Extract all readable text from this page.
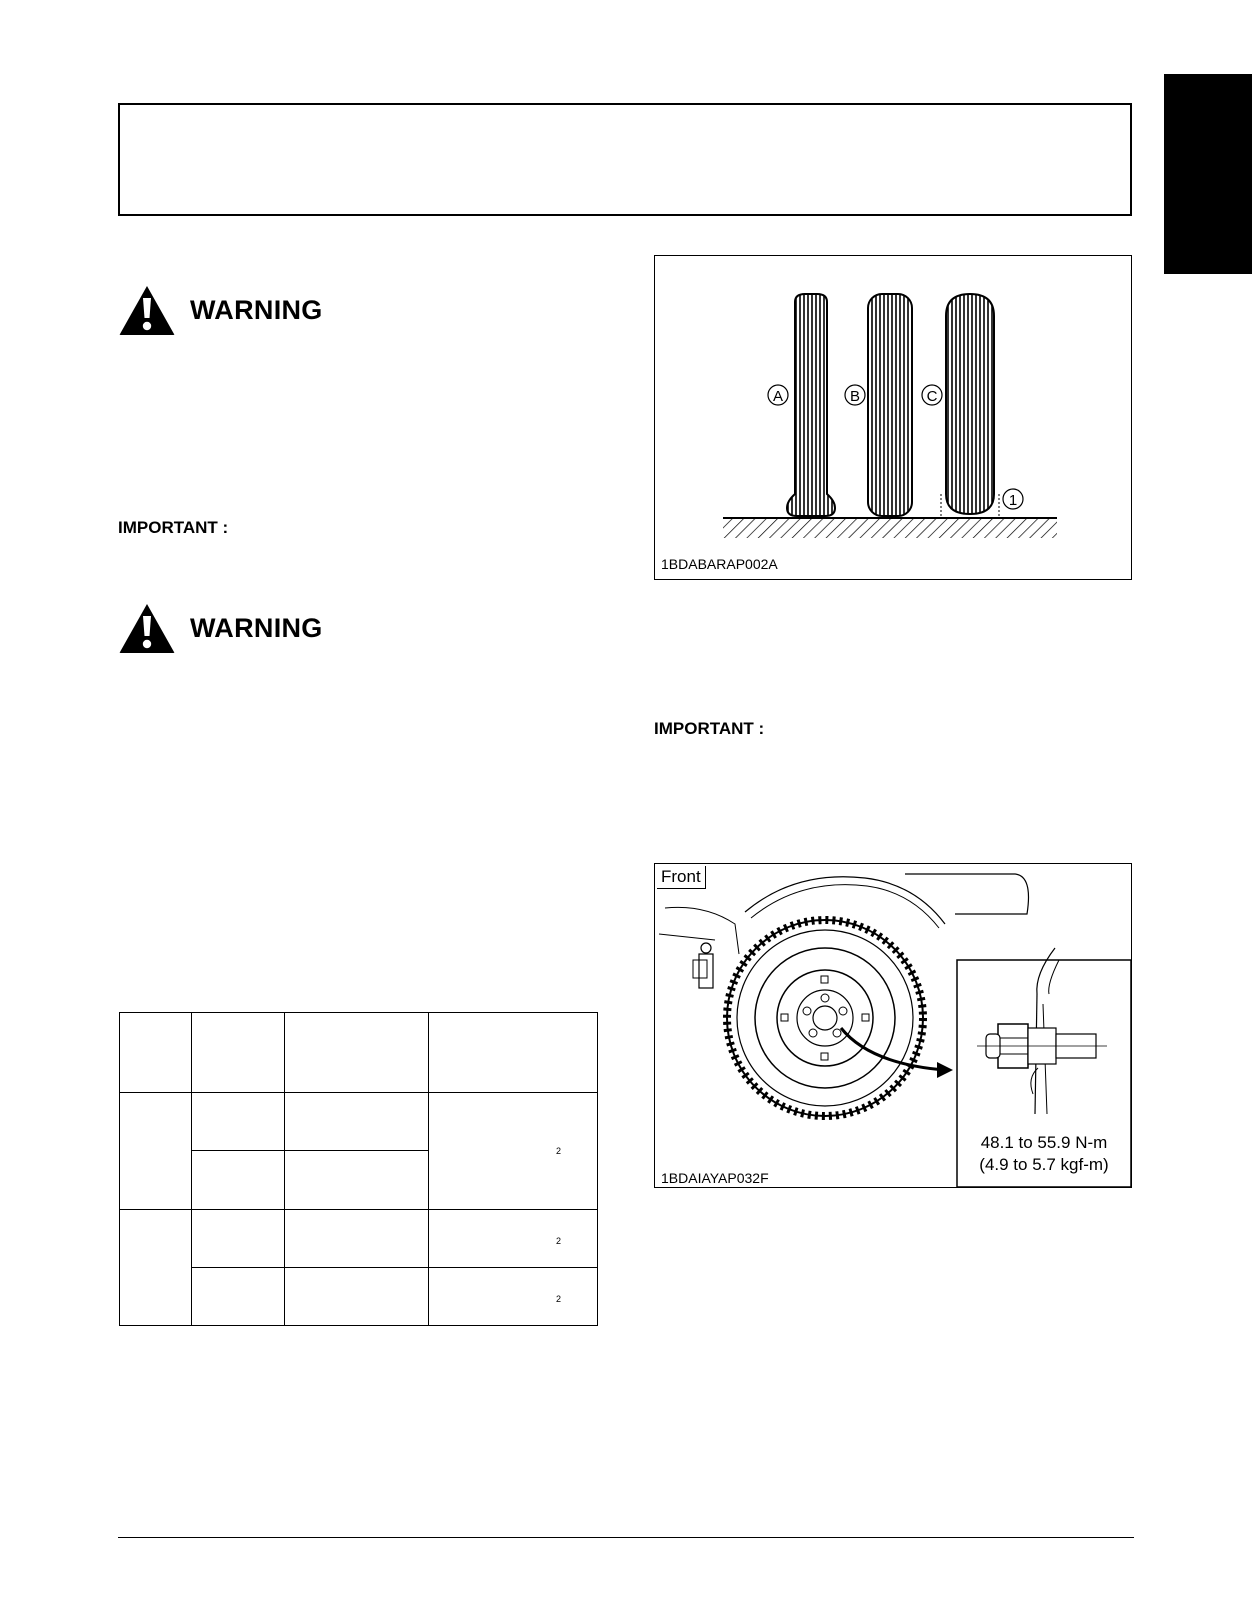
WARNING
IMPORTANT :
WARNING
A	B	C
1
1BDABARAP002A
IMPORTANT :
Front
48.1 to 55.9 N-m
(4.9 to 5.7 kgf-m)
1BDAIAYAP032F

			2

			2

			2
